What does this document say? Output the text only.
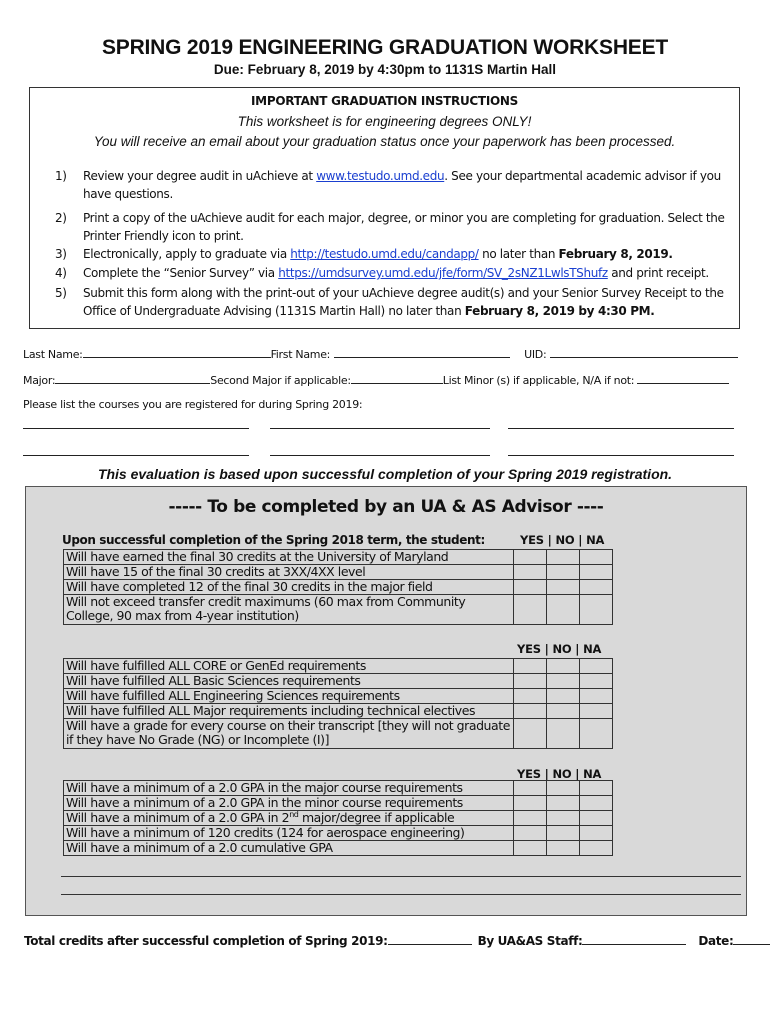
SPRING 2019 ENGINEERING GRADUATION WORKSHEET
Due: February 8, 2019 by 4:30pm to 1131S Martin Hall
IMPORTANT GRADUATION INSTRUCTIONS
This worksheet is for engineering degrees ONLY!
You will receive an email about your graduation status once your paperwork has been processed.
1) Review your degree audit in uAchieve at www.testudo.umd.edu. See your departmental academic advisor if you have questions.
2) Print a copy of the uAchieve audit for each major, degree, or minor you are completing for graduation. Select the Printer Friendly icon to print.
3) Electronically, apply to graduate via http://testudo.umd.edu/candapp/ no later than February 8, 2019.
4) Complete the “Senior Survey” via https://umdsurvey.umd.edu/jfe/form/SV_2sNZ1LwlsTShufz and print receipt.
5) Submit this form along with the print-out of your uAchieve degree audit(s) and your Senior Survey Receipt to the Office of Undergraduate Advising (1131S Martin Hall) no later than February 8, 2019 by 4:30 PM.
Last Name:	First Name:	UID:
Major:	Second Major if applicable:	List Minor (s) if applicable, N/A if not:
Please list the courses you are registered for during Spring 2019:
This evaluation is based upon successful completion of your Spring 2019 registration.
----- To be completed by an UA & AS Advisor ----
Upon successful completion of the Spring 2018 term, the student:	YES | NO | NA
Will have earned the final 30 credits at the University of Maryland			
Will have 15 of the final 30 credits at 3XX/4XX level			
Will have completed 12 of the final 30 credits in the major field			
Will not exceed transfer credit maximums (60 max from Community College, 90 max from 4-year institution)			
YES | NO | NA
Will have fulfilled ALL CORE or GenEd requirements			
Will have fulfilled ALL Basic Sciences requirements			
Will have fulfilled ALL Engineering Sciences requirements			
Will have fulfilled ALL Major requirements including technical electives			
Will have a grade for every course on their transcript [they will not graduate if they have No Grade (NG) or Incomplete (I)]			
YES | NO | NA
Will have a minimum of a 2.0 GPA in the major course requirements			
Will have a minimum of a 2.0 GPA in the minor course requirements			
Will have a minimum of a 2.0 GPA in 2nd major/degree if applicable			
Will have a minimum of 120 credits (124 for aerospace engineering)			
Will have a minimum of a 2.0 cumulative GPA			
Total credits after successful completion of Spring 2019:	By UA&AS Staff:	Date:
